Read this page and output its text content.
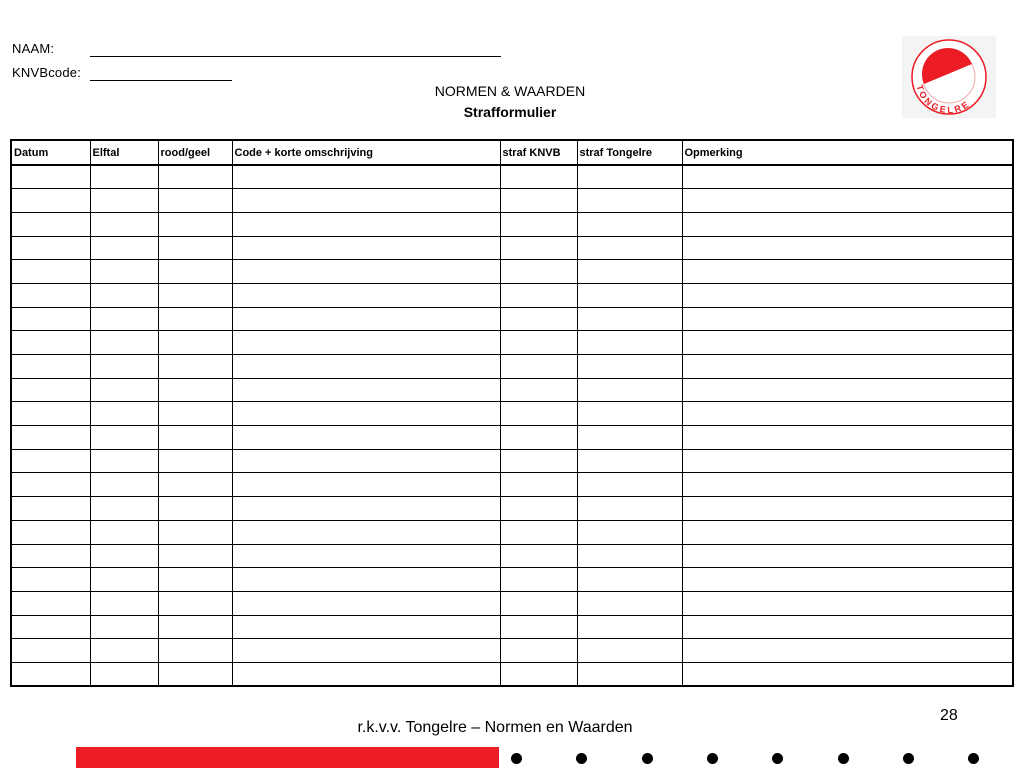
NAAM:
KNVBcode:
NORMEN & WAARDEN
Strafformulier
TONGELRE
Datum	Elftal	rood/geel	Code + korte omschrijving	straf KNVB	straf Tongelre	Opmerking

r.k.v.v. Tongelre – Normen en Waarden
28
